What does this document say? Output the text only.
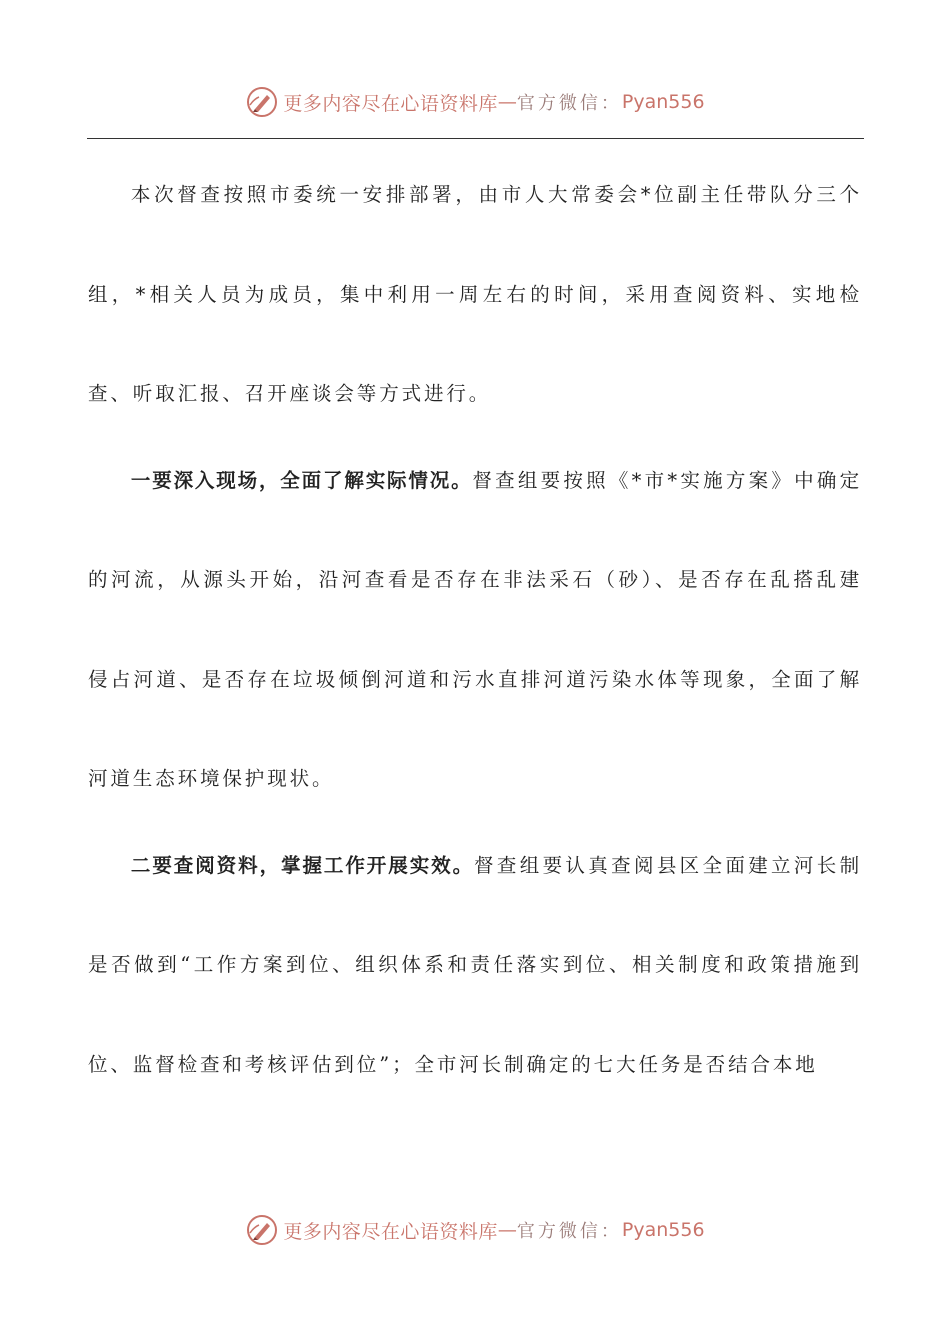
更多内容尽在心语资料库 — 官方微信： Pyan556

本次督查按照市委统一安排部署，由市人大常委会*位副主任带队分三个组，*相关人员为成员，集中利用一周左右的时间，采用查阅资料、实地检查、听取汇报、召开座谈会等方式进行。

一要深入现场，全面了解实际情况。督查组要按照《*市*实施方案》中确定的河流，从源头开始，沿河查看是否存在非法采石（砂）、是否存在乱搭乱建侵占河道、是否存在垃圾倾倒河道和污水直排河道污染水体等现象，全面了解河道生态环境保护现状。

二要查阅资料，掌握工作开展实效。督查组要认真查阅县区全面建立河长制是否做到“工作方案到位、组织体系和责任落实到位、相关制度和政策措施到位、监督检查和考核评估到位”；全市河长制确定的七大任务是否结合本地

更多内容尽在心语资料库 — 官方微信： Pyan556
